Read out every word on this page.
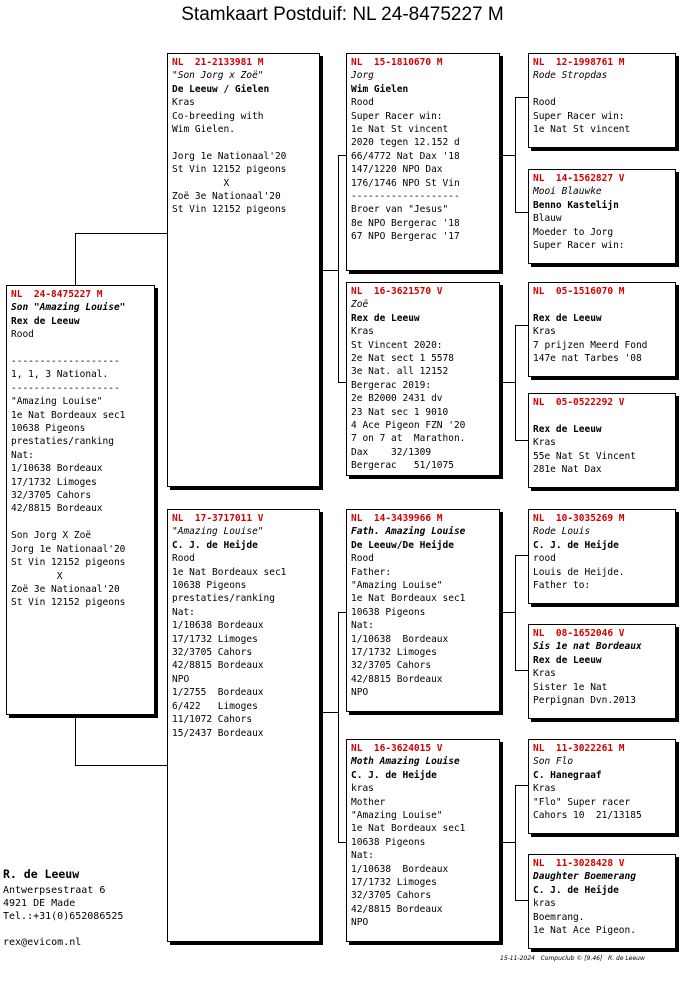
Stamkaart Postduif: NL 24-8475227 M
NL  24-8475227 M
Son "Amazing Louise"
Rex de Leeuw
Rood
-------------------
1, 1, 3 National.
-------------------
"Amazing Louise"
1e Nat Bordeaux sec1
10638 Pigeons
prestaties/ranking
Nat:
1/10638 Bordeaux
17/1732 Limoges
32/3705 Cahors
42/8815 Bordeaux
Son Jorg X Zoë
Jorg 1e Nationaal'20
St Vin 12152 pigeons
X
Zoë 3e Nationaal'20
St Vin 12152 pigeons
NL  21-2133981 M
"Son Jorg x Zoë"
De Leeuw / Gielen
Kras
Co-breeding with
Wim Gielen.
Jorg 1e Nationaal'20
St Vin 12152 pigeons
X
Zoë 3e Nationaal'20
St Vin 12152 pigeons
NL  17-3717011 V
"Amazing Louise"
C. J. de Heijde
Rood
1e Nat Bordeaux sec1
10638 Pigeons
prestaties/ranking
Nat:
1/10638 Bordeaux
17/1732 Limoges
32/3705 Cahors
42/8815 Bordeaux
NPO
1/2755  Bordeaux
6/422   Limoges
11/1072 Cahors
15/2437 Bordeaux
NL  15-1810670 M
Jorg
Wim Gielen
Rood
Super Racer win:
1e Nat St vincent
2020 tegen 12.152 d
66/4772 Nat Dax '18
147/1220 NPO Dax
176/1746 NPO St Vin
-------------------
Broer van "Jesus"
8e NPO Bergerac '18
67 NPO Bergerac '17
NL  16-3621570 V
Zoë
Rex de Leeuw
Kras
St Vincent 2020:
2e Nat sect 1 5578
3e Nat. all 12152
Bergerac 2019:
2e B2000 2431 dv
23 Nat sec 1 9010
4 Ace Pigeon FZN '20
7 on 7 at  Marathon.
Dax    32/1309
Bergerac   51/1075
NL  14-3439966 M
Fath. Amazing Louise
De Leeuw/De Heijde
Rood
Father:
"Amazing Louise"
1e Nat Bordeaux sec1
10638 Pigeons
Nat:
1/10638  Bordeaux
17/1732 Limoges
32/3705 Cahors
42/8815 Bordeaux
NPO
NL  16-3624015 V
Moth Amazing Louise
C. J. de Heijde
kras
Mother
"Amazing Louise"
1e Nat Bordeaux sec1
10638 Pigeons
Nat:
1/10638  Bordeaux
17/1732 Limoges
32/3705 Cahors
42/8815 Bordeaux
NPO
NL  12-1998761 M
Rode Stropdas
Rood
Super Racer win:
1e Nat St vincent
NL  14-1562827 V
Mooi Blauwke
Benno Kastelijn
Blauw
Moeder to Jorg
Super Racer win:
NL  05-1516070 M
Rex de Leeuw
Kras
7 prijzen Meerd Fond
147e nat Tarbes '08
NL  05-0522292 V
Rex de Leeuw
Kras
55e Nat St Vincent
281e Nat Dax
NL  10-3035269 M
Rode Louis
C. J. de Heijde
rood
Louis de Heijde.
Father to:
NL  08-1652046 V
Sis 1e nat Bordeaux
Rex de Leeuw
Kras
Sister 1e Nat
Perpignan Dvn.2013
NL  11-3022261 M
Son Flo
C. Hanegraaf
Kras
"Flo" Super racer
Cahors 10  21/13185
NL  11-3028428 V
Daughter Boemerang
C. J. de Heijde
kras
Boemrang.
1e Nat Ace Pigeon.
R. de Leeuw
Antwerpsestraat 6
4921 DE Made
Tel.:+31(0)652086525
rex@evicom.nl
15-11-2024   Compuclub © [9.46]   R. de Leeuw
